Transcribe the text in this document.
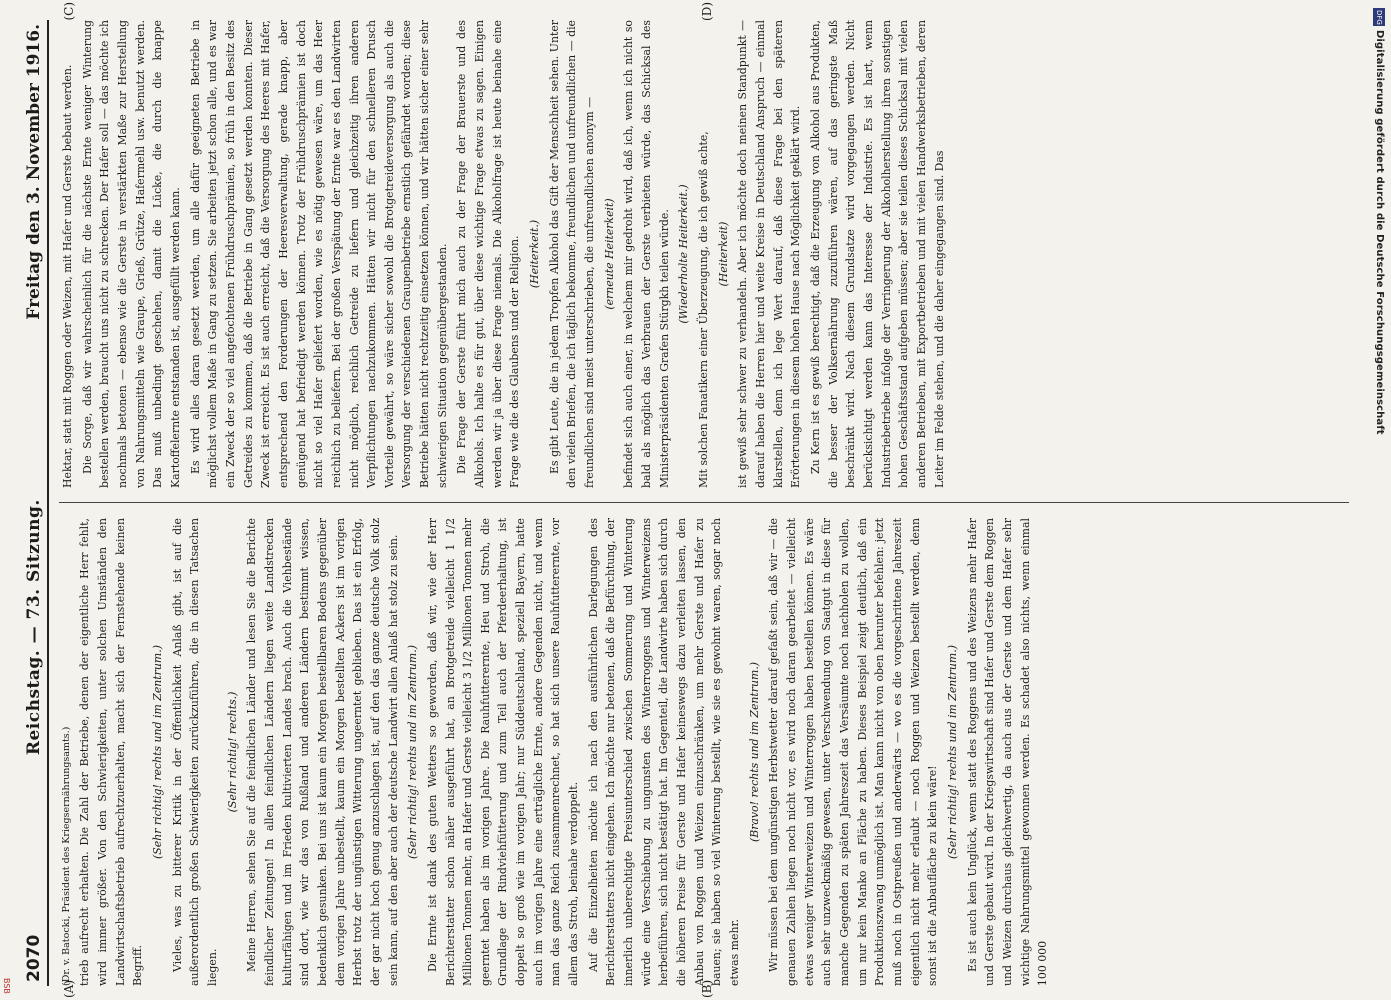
2070
Reichstag. — 73. Sitzung.
Freitag den 3. November 1916.

(Dr. v. Batocki, Präsident des Kriegsernährungsamts.) trieb aufrecht erhalten. Die Zahl der Betriebe, denen der eigentliche Herr fehlt, wird immer größer. Von den Schwierigkeiten, unter solchen Umständen den Landwirtschaftsbetrieb aufrechtzuerhalten, macht sich der Fernstehende keinen Begriff.

(Sehr richtig! rechts und im Zentrum.) Vieles, was zu bitterer Kritik in der Öffentlichkeit Anlaß gibt, ist auf die außerordentlich großen Schwierigkeiten zurückzuführen, die in diesen Tatsachen liegen.

(Sehr richtig! rechts.) Meine Herren, sehen Sie auf die feindlichen Länder und lesen Sie die Berichte feindlicher Zeitungen! In allen feindlichen Ländern liegen weite Landstrecken kulturfähigen und im Frieden kultivierten Landes brach. Auch die Viehbestände sind dort, wie wir das von Rußland und anderen Ländern bestimmt wissen, bedenklich gesunken. Bei uns ist kaum ein Morgen bestellbaren Bodens gegenüber dem vorigen Jahre unbestellt, kaum ein Morgen bestellten Ackers ist im vorigen Herbst trotz der ungünstigen Witterung ungeerntet geblieben. Das ist ein Erfolg, der gar nicht hoch genug anzuschlagen ist, auf den das ganze deutsche Volk stolz sein kann, auf den aber auch der deutsche Landwirt allen Anlaß hat stolz zu sein. (Sehr richtig! rechts und im Zentrum.) Die Ernte ist dank des guten Wetters so geworden, daß wir, wie der Herr Berichterstatter schon näher ausgeführt hat, an Brotgetreide vielleicht 1 1/2 Millionen Tonnen mehr, an Hafer und Gerste vielleicht 3 1/2 Millionen Tonnen mehr geerntet haben als im vorigen Jahre. Die Rauhfutterernte, Heu und Stroh, die Grundlage der Rindviehfütterung und zum Teil auch der Pferdeerhaltung, ist doppelt so groß wie im vorigen Jahr; nur Süddeutschland, speziell Bayern, hatte auch im vorigen Jahre eine erträgliche Ernte, andere Gegenden nicht, und wenn man das ganze Reich zusammenrechnet, so hat sich unsere Rauhfutterernte, vor allem das Stroh, beinahe verdoppelt. Auf die Einzelheiten möchte ich nach den ausführlichen Darlegungen des Berichterstatters nicht eingehen. Ich möchte nur betonen, daß die Befürchtung, der innerlich unberechtigte Preisunterschied zwischen Sommerung und Winterung würde eine Verschiebung zu ungunsten des Winterroggens und Winterweizens herbeiführen, sich nicht bestätigt hat. Im Gegenteil, die Landwirte haben sich durch die höheren Preise für Gerste und Hafer keineswegs dazu verleiten lassen, den Anbau von Roggen und Weizen einzuschränken, um mehr Gerste und Hafer zu bauen; sie haben so viel Winterung bestellt, wie sie es gewohnt waren, sogar noch etwas mehr.

(Bravo! rechts und im Zentrum.) Wir müssen bei dem ungünstigen Herbstwetter darauf gefaßt sein, daß wir — die genauen Zahlen liegen noch nicht vor, es wird noch daran gearbeitet — vielleicht etwas weniger Winterweizen und Winterroggen haben bestellen können. Es wäre auch sehr unzweckmäßig gewesen, unter Verschwendung von Saatgut in diese für manche Gegenden zu späten Jahreszeit das Versäumte noch nachholen zu wollen, um nur kein Manko an Fläche zu haben. Dieses Beispiel zeigt deutlich, daß ein Produktionszwang unmöglich ist. Man kann nicht von oben herunter befehlen: jetzt muß noch in Ostpreußen und anderwärts — wo es die vorgeschrittene Jahreszeit eigentlich nicht mehr erlaubt — noch Roggen und Weizen bestellt werden, denn sonst ist die Anbaufläche zu klein wäre!

(Sehr richtig! rechts und im Zentrum.) Es ist auch kein Unglück, wenn statt des Roggens und des Weizens mehr Hafer und Gerste gebaut wird. In der Kriegswirtschaft sind Hafer und Gerste dem Roggen und Weizen durchaus gleichwertig, da auch aus der Gerste und dem Hafer sehr wichtige Nahrungsmittel gewonnen werden. Es schadet also nichts, wenn einmal 100 000

Hektar, statt mit Roggen oder Weizen, mit Hafer und Gerste bebaut werden. Die Sorge, daß wir wahrscheinlich für die nächste Ernte weniger Winterung bestellen werden, braucht uns nicht zu schrecken. Der Hafer soll — das möchte ich nochmals betonen — ebenso wie die Gerste in verstärkten Maße zur Herstellung von Nahrungsmitteln wie Graupe, Grieß, Grütze, Hafermehl usw. benutzt werden. Das muß unbedingt geschehen, damit die Lücke, die durch die knappe Kartoffelernte entstanden ist, ausgefüllt werden kann. Es wird alles daran gesetzt werden, um alle dafür geeigneten Betriebe in möglichst vollem Maße in Gang zu setzen. Sie arbeiten jetzt schon alle, und es war ein Zweck der so viel angefochtenen Frühdruschprämien, so früh in den Besitz des Getreides zu kommen, daß die Betriebe in Gang gesetzt werden konnten. Dieser Zweck ist erreicht. Es ist auch erreicht, daß die Versorgung des Heeres mit Hafer, entsprechend den Forderungen der Heeresverwaltung, gerade knapp, aber genügend hat befriedigt werden können. Trotz der Frühdruschprämien ist doch nicht so viel Hafer geliefert worden, wie es nötig gewesen wäre, um das Heer reichlich zu beliefern. Bei der großen Verspätung der Ernte war es den Landwirten nicht möglich, reichlich Getreide zu liefern und gleichzeitig ihren anderen Verpflichtungen nachzukommen. Hätten wir nicht für den schnelleren Drusch Vorteile gewährt, so wäre sicher sowohl die Brotgetreideversorgung als auch die Versorgung der verschiedenen Graupenbetriebe ernstlich gefährdet worden; diese Betriebe hätten nicht rechtzeitig einsetzen können, und wir hätten sicher einer sehr schwierigen Situation gegenübergestanden. Die Frage der Gerste führt mich auch zu der Frage der Brauerste und des Alkohols. Ich halte es für gut, über diese wichtige Frage etwas zu sagen. Einigen werden wir ja über diese Frage niemals. Die Alkoholfrage ist heute beinahe eine Frage wie die des Glaubens und der Religion. (Heiterkeit.) Es gibt Leute, die in jedem Tropfen Alkohol das Gift der Menschheit sehen. Unter den vielen Briefen, die ich täglich bekomme, freundlichen und unfreundlichen — die freundlichen sind meist unterschrieben, die unfreundlichen anonym — (erneute Heiterkeit) befindet sich auch einer, in welchem mir gedroht wird, daß ich, wenn ich nicht so bald als möglich das Verbrauen der Gerste verbieten würde, das Schicksal des Ministerpräsidenten Grafen Stürgkh teilen würde. (Wiederholte Heiterkeit.) Mit solchen Fanatikern einer Überzeugung, die ich gewiß achte, (Heiterkeit) ist gewiß sehr schwer zu verhandeln. Aber ich möchte doch meinen Standpunkt — darauf haben die Herren hier und weite Kreise in Deutschland Anspruch — einmal klarstellen, denn ich lege Wert darauf, daß diese Frage bei den späteren Erörterungen in diesem hohen Hause nach Möglichkeit geklärt wird. Zu Kern ist es gewiß berechtigt, daß die Erzeugung von Alkohol aus Produkten, die besser der Volksernährung zuzuführen wären, auf das geringste Maß beschränkt wird. Nach diesem Grundsatze wird vorgegangen werden. Nicht berücksichtigt werden kann das Interesse der Industrie. Es ist hart, wenn Industriebetriebe infolge der Verringerung der Alkoholherstellung ihren sonstigen hohen Geschäftsstand aufgeben müssen; aber sie teilen dieses Schicksal mit vielen anderen Betrieben, mit Exportbetrieben und mit vielen Handwerksbetrieben, deren Leiter im Felde stehen, und die daher eingegangen sind. Das

(A)	(B)
(C)	(D)	DFG
Digitalisierung gefördert durch die Deutsche Forschungsgemeinschaft
BSB
